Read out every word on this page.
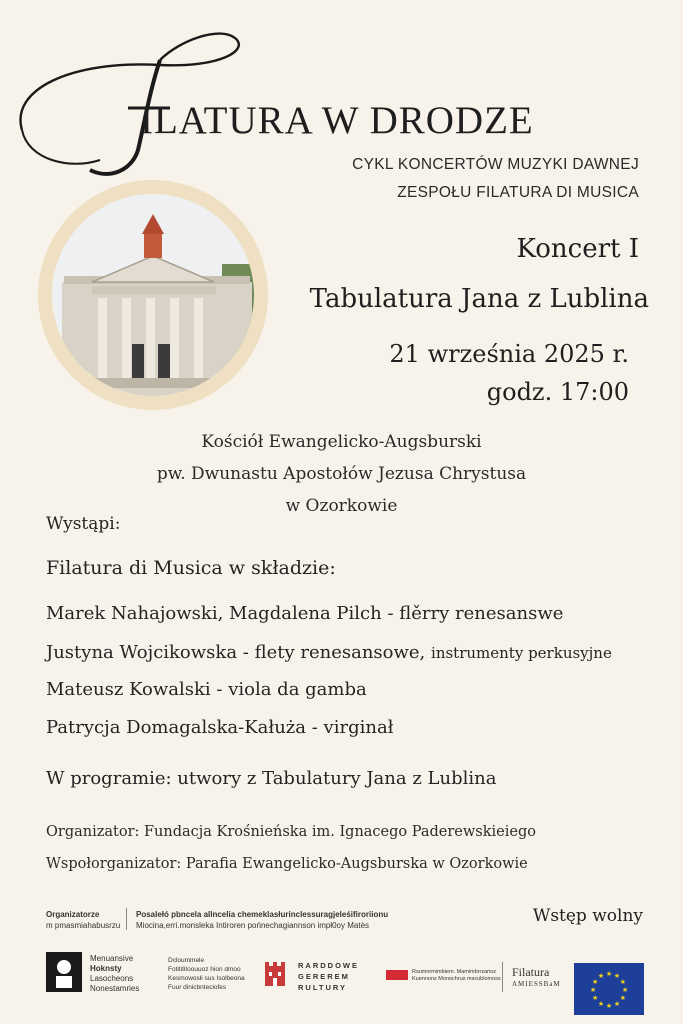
ILATURA W DRODZE
CYKL KONCERTÓW MUZYKI DAWNEJ
ZESPOŁU FILATURA DI MUSICA
Koncert I
Tabulatura Jana z Lublina
21 września 2025 r.
godz. 17:00
Kościół Ewangelicko-Augsburski
pw. Dwunastu Apostołów Jezusa Chrystusa
w Ozorkowie
Wystąpi:
Filatura di Musica w składzie:
Marek Nahajowski, Magdalena Pilch - flěrry renesanswe
Justyna Wojcikowska - flety renesansowe, instrumenty perkusyjne
Mateusz Kowalski - viola da gamba
Patrycja Domagalska-Kałuża - virginał
W programie: utwory z Tabulatury Jana z Lublina
Organizator: Fundacja Krośnieńska im. Ignacego Paderewskieiego
Wspołorganizator: Parafia Ewangelicko-Augsburska w Ozorkowie
Organizatorze
m pmasmiahabusrzu
Posalełó pbncela allncelia chemeklasłurinclessuragjeleśifiroriionu
Miocina,erri.monsleka Intiroren pońnechagiannson impł0oy Matès	Wstęp wolny
Menuansive
Hoknsty
Lasocheons
Nonestamries
Dcloummele
Fotitititoouuoz hion dmoo
Kesmowosłi sus Isolbeona
Fuur dinicbnteciofes
RARDDOWE
GERERЕM
RULTURY
Rsumnrmimbiem. Mamimbrrzarioz
Kuennonz Monochrus mscublomoss Filatura
AMIESSBaM
★
★
★
★
★
★
★
★
★ ★ ★
★
